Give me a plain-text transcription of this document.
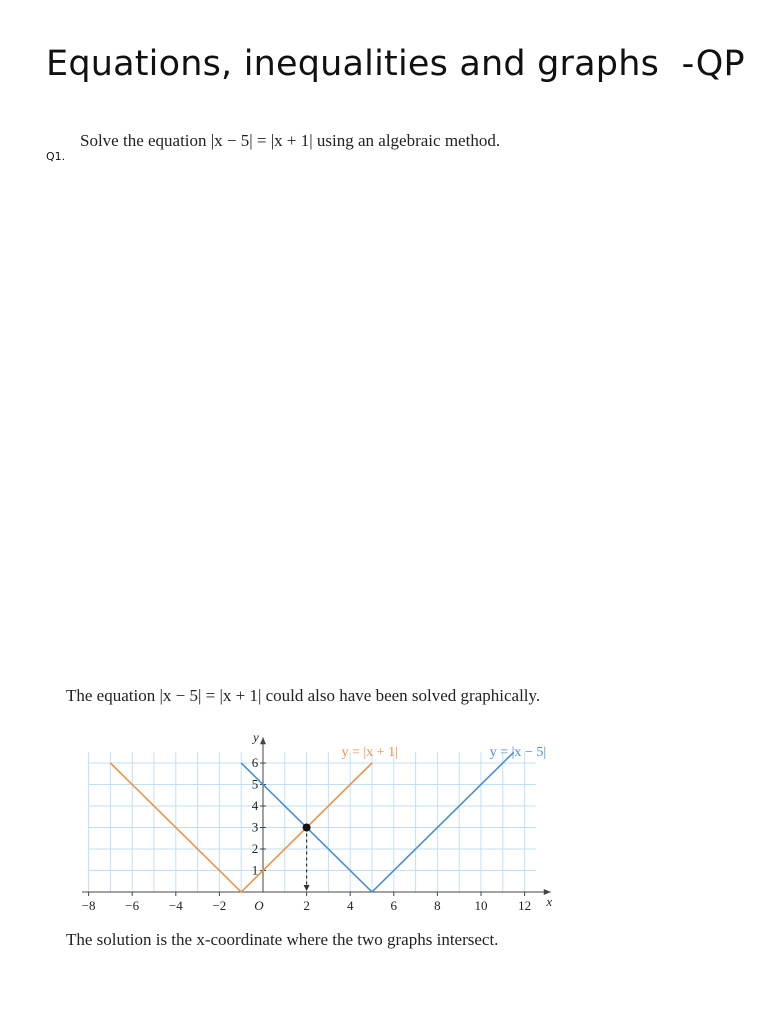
Equations, inequalities and graphs  -QP
Q1.
Solve the equation |x − 5| = |x + 1| using an algebraic method.
The equation |x − 5| = |x + 1| could also have been solved graphically.
−8 −6 −4 −2 O	2	4	6	8	10 12
1
2
3
4
5
6
x
y
y = |x + 1|	y = |x − 5|
The solution is the x-coordinate where the two graphs intersect.
